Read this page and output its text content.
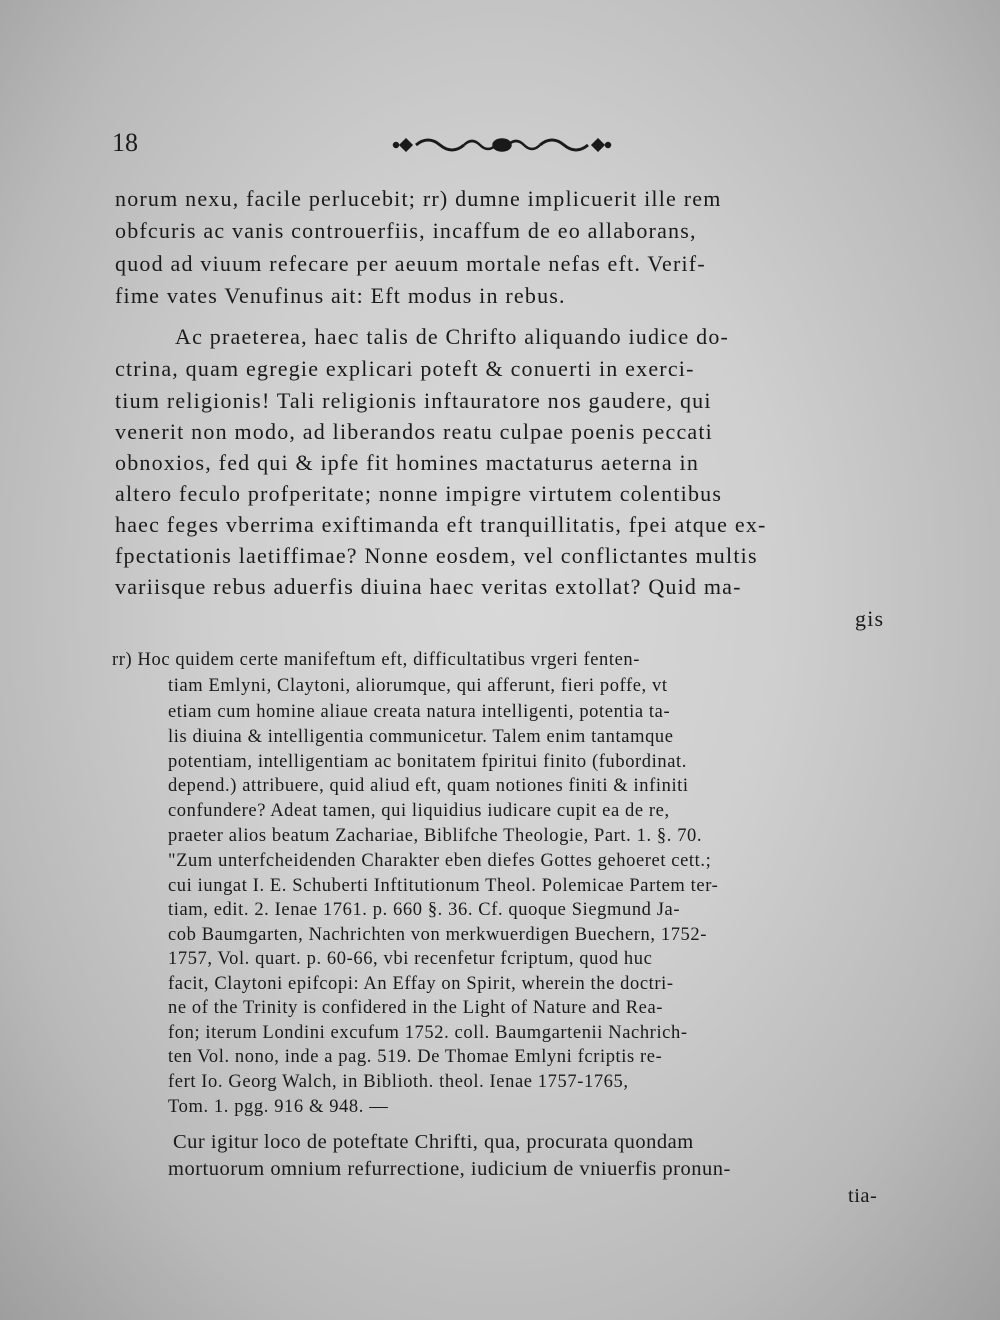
18
norum nexu, facile perlucebit; rr) dumne implicuerit ille rem
obfcuris ac vanis controuerfiis, incaffum de eo allaborans,
quod ad viuum refecare per aeuum mortale nefas eft. Verif-
fime vates Venufinus ait: Eft modus in rebus.
Ac praeterea, haec talis de Chrifto aliquando iudice do-
ctrina, quam egregie explicari poteft & conuerti in exerci-
tium religionis! Tali religionis inftauratore nos gaudere, qui
venerit non modo, ad liberandos reatu culpae poenis peccati
obnoxios, fed qui & ipfe fit homines mactaturus aeterna in
altero feculo profperitate; nonne impigre virtutem colentibus
haec feges vberrima exiftimanda eft tranquillitatis, fpei atque ex-
fpectationis laetiffimae? Nonne eosdem, vel conflictantes multis
variisque rebus aduerfis diuina haec veritas extollat? Quid ma-
gis
rr) Hoc quidem certe manifeftum eft, difficultatibus vrgeri fenten-
tiam Emlyni, Claytoni, aliorumque, qui afferunt, fieri poffe, vt
etiam cum homine aliaue creata natura intelligenti, potentia ta-
lis diuina & intelligentia communicetur. Talem enim tantamque
potentiam, intelligentiam ac bonitatem fpiritui finito (fubordinat.
depend.) attribuere, quid aliud eft, quam notiones finiti & infiniti
confundere? Adeat tamen, qui liquidius iudicare cupit ea de re,
praeter alios beatum Zachariae, Biblifche Theologie, Part. 1. §. 70.
"Zum unterfcheidenden Charakter eben diefes Gottes gehoeret cett.;
cui iungat I. E. Schuberti Inftitutionum Theol. Polemicae Partem ter-
tiam, edit. 2. Ienae 1761. p. 660 §. 36. Cf. quoque Siegmund Ja-
cob Baumgarten, Nachrichten von merkwuerdigen Buechern, 1752-
1757, Vol. quart. p. 60-66, vbi recenfetur fcriptum, quod huc
facit, Claytoni epifcopi: An Effay on Spirit, wherein the doctri-
ne of the Trinity is confidered in the Light of Nature and Rea-
fon; iterum Londini excufum 1752. coll. Baumgartenii Nachrich-
ten Vol. nono, inde a pag. 519. De Thomae Emlyni fcriptis re-
fert Io. Georg Walch, in Biblioth. theol. Ienae 1757-1765,
Tom. 1. pgg. 916 & 948. —
Cur igitur loco de poteftate Chrifti, qua, procurata quondam
mortuorum omnium refurrectione, iudicium de vniuerfis pronun-
tia-
